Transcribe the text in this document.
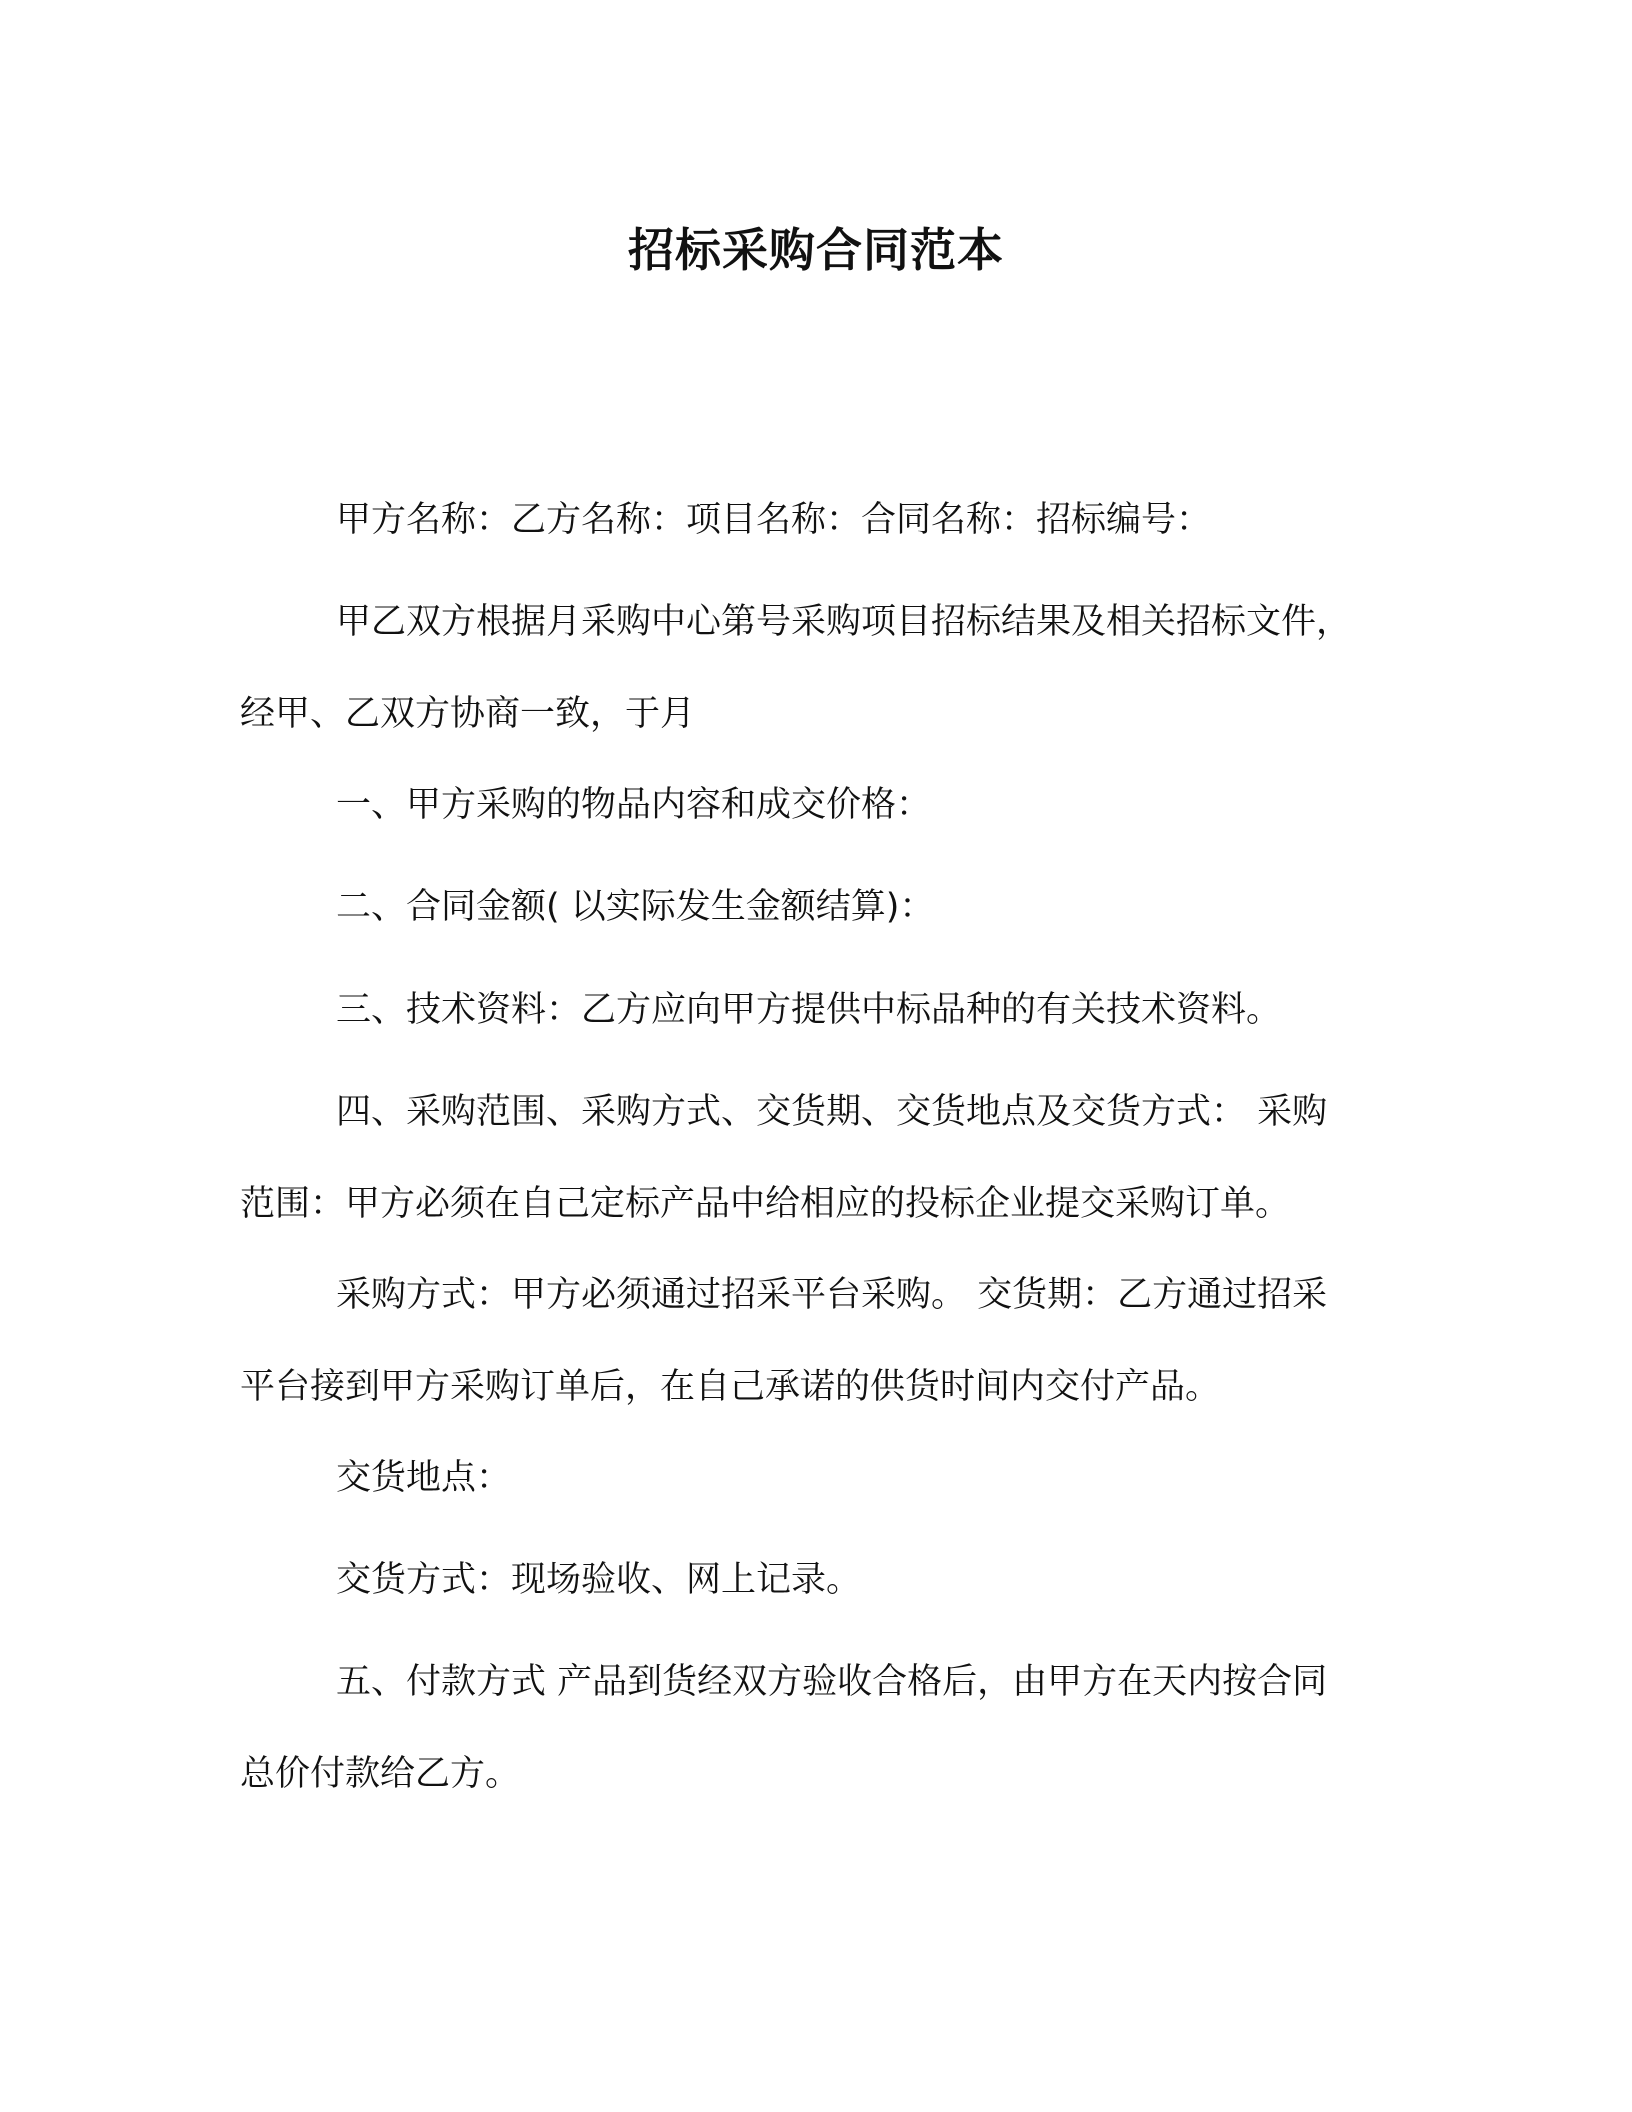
招标采购合同范本
甲方名称：乙方名称：项目名称：合同名称：招标编号：
甲乙双方根据月采购中心第号采购项目招标结果及相关招标文件，
经甲、乙双方协商一致，于月
一、甲方采购的物品内容和成交价格：
二、合同金额( 以实际发生金额结算)：
三、技术资料：乙方应向甲方提供中标品种的有关技术资料。
四、采购范围、采购方式、交货期、交货地点及交货方式： 采购
范围：甲方必须在自己定标产品中给相应的投标企业提交采购订单。
采购方式：甲方必须通过招采平台采购。 交货期：乙方通过招采
平台接到甲方采购订单后，在自己承诺的供货时间内交付产品。
交货地点：
交货方式：现场验收、网上记录。
五、付款方式 产品到货经双方验收合格后，由甲方在天内按合同
总价付款给乙方。
